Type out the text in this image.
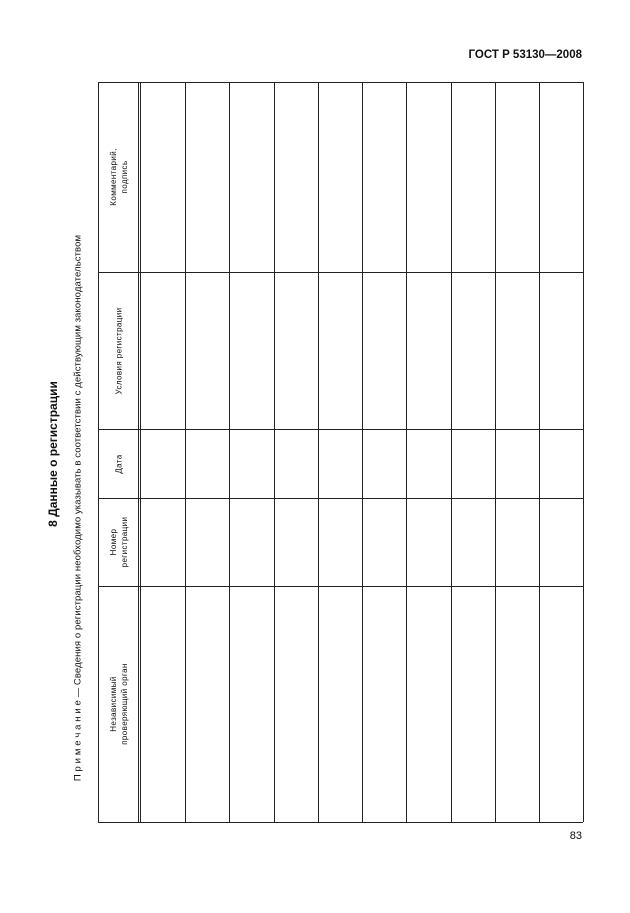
ГОСТ Р 53130—2008
8 Данные о регистрации П р и м е ч а н и е — Сведения о регистрации необходимо указывать в соответствии с действующим законодательством	Независимый проверяющий орган
Номер регистрации
Дата
Условия регистрации
Комментарий, подпись
83
